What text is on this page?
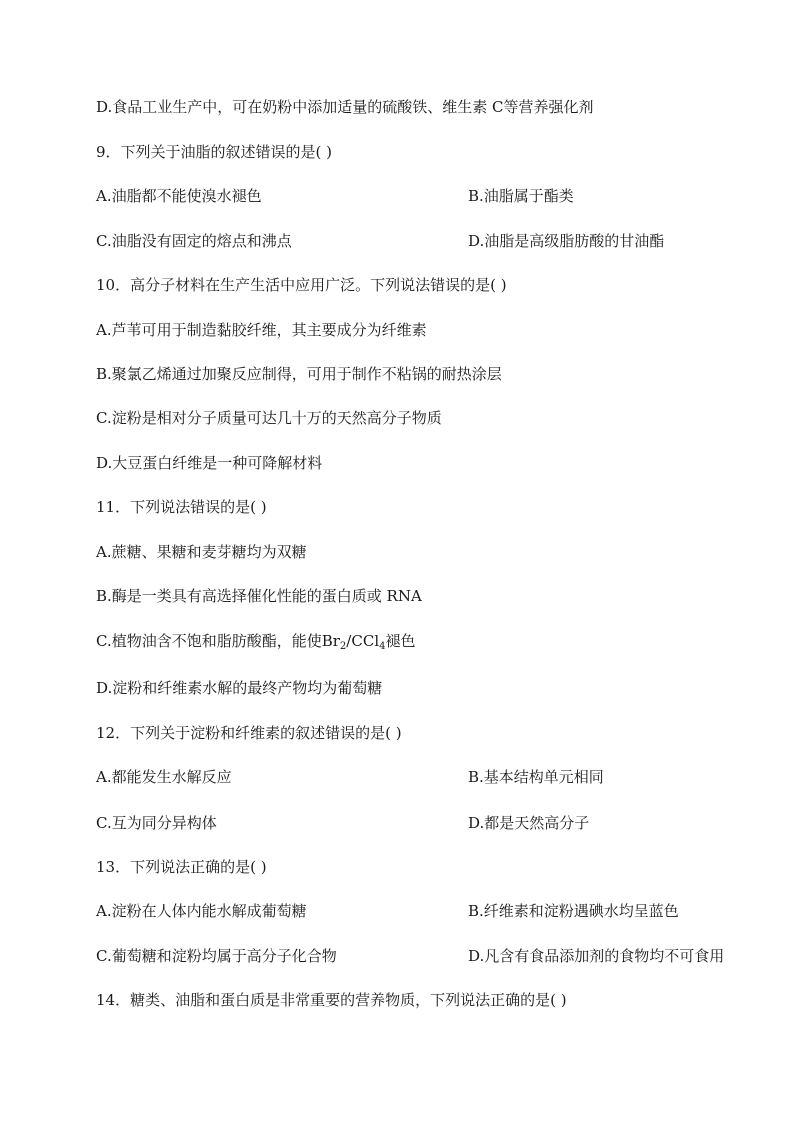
D.食品工业生产中，可在奶粉中添加适量的硫酸铁、维生素 C等营养强化剂
9．下列关于油脂的叙述错误的是( )
A.油脂都不能使溴水褪色	B.油脂属于酯类
C.油脂没有固定的熔点和沸点	D.油脂是高级脂肪酸的甘油酯
10．高分子材料在生产生活中应用广泛。下列说法错误的是( )
A.芦苇可用于制造黏胶纤维，其主要成分为纤维素
B.聚氯乙烯通过加聚反应制得，可用于制作不粘锅的耐热涂层
C.淀粉是相对分子质量可达几十万的天然高分子物质
D.大豆蛋白纤维是一种可降解材料
11．下列说法错误的是( )
A.蔗糖、果糖和麦芽糖均为双糖
B.酶是一类具有高选择催化性能的蛋白质或 RNA
C.植物油含不饱和脂肪酸酯，能使$Br_2/CCl_4$褪色
D.淀粉和纤维素水解的最终产物均为葡萄糖
12．下列关于淀粉和纤维素的叙述错误的是( )
A.都能发生水解反应	B.基本结构单元相同
C.互为同分异构体	D.都是天然高分子
13．下列说法正确的是( )
A.淀粉在人体内能水解成葡萄糖	B.纤维素和淀粉遇碘水均呈蓝色
C.葡萄糖和淀粉均属于高分子化合物	D.凡含有食品添加剂的食物均不可食用
14．糖类、油脂和蛋白质是非常重要的营养物质，下列说法正确的是( )
